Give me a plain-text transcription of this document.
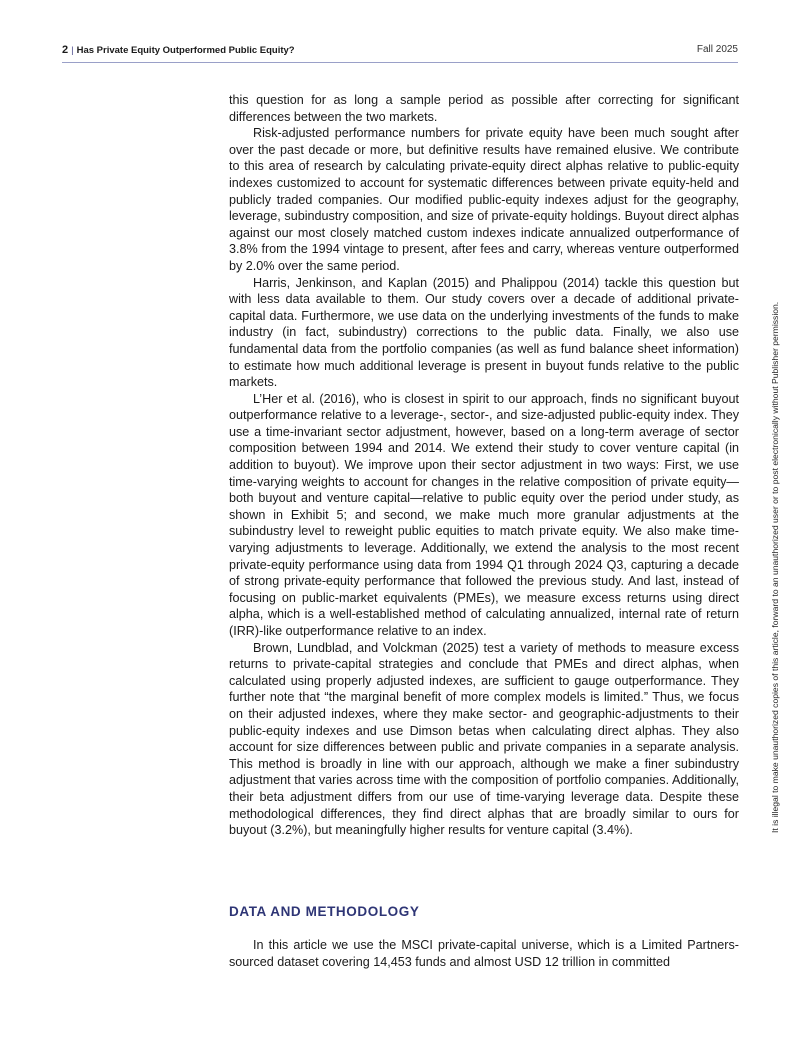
2 | Has Private Equity Outperformed Public Equity?	Fall 2025

this question for as long a sample period as possible after correcting for significant differences between the two markets.

Risk-adjusted performance numbers for private equity have been much sought after over the past decade or more, but definitive results have remained elusive. We contribute to this area of research by calculating private-equity direct alphas relative to public-equity indexes customized to account for systematic differences between private equity-held and publicly traded companies. Our modified public-equity indexes adjust for the geography, leverage, subindustry composition, and size of private-equity holdings. Buyout direct alphas against our most closely matched custom indexes indicate annualized outperformance of 3.8% from the 1994 vintage to present, after fees and carry, whereas venture outperformed by 2.0% over the same period.

Harris, Jenkinson, and Kaplan (2015) and Phalippou (2014) tackle this question but with less data available to them. Our study covers over a decade of additional private-capital data. Furthermore, we use data on the underlying investments of the funds to make industry (in fact, subindustry) corrections to the public data. Finally, we also use fundamental data from the portfolio companies (as well as fund balance sheet information) to estimate how much additional leverage is present in buyout funds relative to the public markets.

L’Her et al. (2016), who is closest in spirit to our approach, finds no significant buyout outperformance relative to a leverage-, sector-, and size-adjusted public-equity index. They use a time-invariant sector adjustment, however, based on a long-term average of sector composition between 1994 and 2014. We extend their study to cover venture capital (in addition to buyout). We improve upon their sector adjustment in two ways: First, we use time-varying weights to account for changes in the relative composition of private equity—both buyout and venture capital—relative to public equity over the period under study, as shown in Exhibit 5; and second, we make much more granular adjustments at the subindustry level to reweight public equities to match private equity. We also make time-varying adjustments to leverage. Additionally, we extend the analysis to the most recent private-equity performance using data from 1994 Q1 through 2024 Q3, capturing a decade of strong private-equity performance that followed the previous study. And last, instead of focusing on public-market equivalents (PMEs), we measure excess returns using direct alpha, which is a well-established method of calculating annualized, internal rate of return (IRR)-like outperformance relative to an index.

Brown, Lundblad, and Volckman (2025) test a variety of methods to measure excess returns to private-capital strategies and conclude that PMEs and direct alphas, when calculated using properly adjusted indexes, are sufficient to gauge outperformance. They further note that “the marginal benefit of more complex models is limited.” Thus, we focus on their adjusted indexes, where they make sector- and geographic-adjustments to their public-equity indexes and use Dimson betas when calculating direct alphas. They also account for size differences between public and private companies in a separate analysis. This method is broadly in line with our approach, although we make a finer subindustry adjustment that varies across time with the composition of portfolio companies. Additionally, their beta adjustment differs from our use of time-varying leverage data. Despite these methodological differences, they find direct alphas that are broadly similar to ours for buyout (3.2%), but meaningfully higher results for venture capital (3.4%).

DATA AND METHODOLOGY

In this article we use the MSCI private-capital universe, which is a Limited Partners-sourced dataset covering 14,453 funds and almost USD 12 trillion in committed

It is illegal to make unauthorized copies of this article, forward to an unauthorized user or to post electronically without Publisher permission.
